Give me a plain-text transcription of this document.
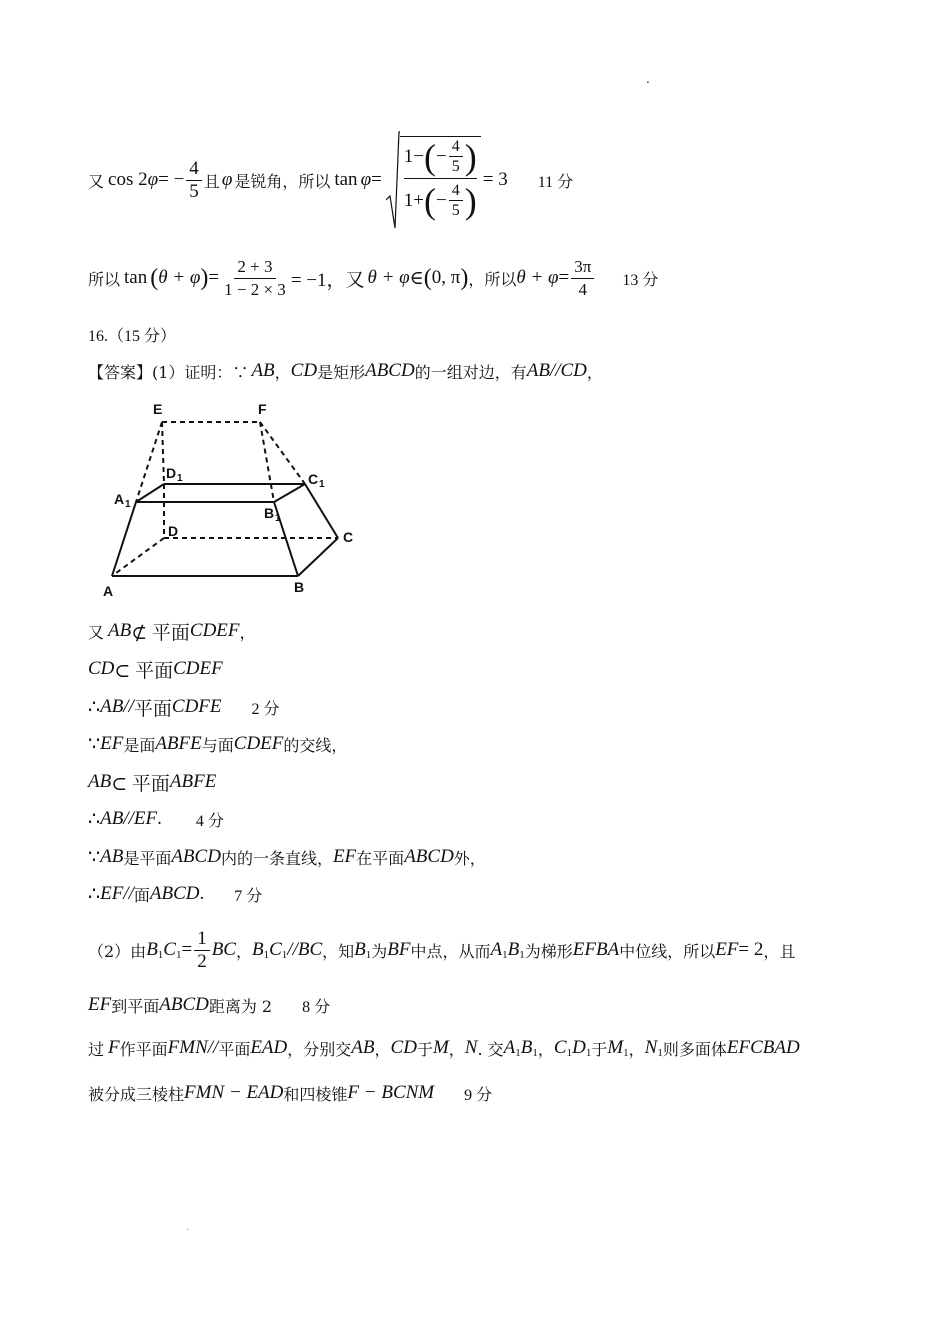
.
又 cos 2 φ = − $\frac{4}{5}$ 且 φ 是锐角，所以 tan φ =
1− ( − $\frac{4}{5}$ )
1+ ( − $\frac{4}{5}$ )
= 3 11 分
所以 tan ( θ + φ ) = $\frac{2 + 3}{1 - 2 \times 3} = -1$，又 θ + φ ∈ ( 0, π ) ，所以 $\theta + \varphi = \frac{3\pi}{4} 13$ 分
16.（15 分）
【答案】(1）证明：∵ AB ， CD 是矩形 ABCD 的一组对边，有 AB//CD ，
E	F
D 1	C 1
A 1
B 1
D	C
A	B
又 AB ⊄ 平面 CDEF ，
CD ⊂ 平面 CDEF
∴ AB// 平面 CDFE 2 分
∵ EF 是面 ABFE 与面 CDEF 的交线，
AB ⊂ 平面 ABFE
∴ AB//EF . 4 分
∵ AB 是平面 ABCD 内的一条直线， EF 在平面 ABCD 外，
∴ EF// 面 ABCD . 7 分
（2）由 B 1 C $1 = \frac{1}{2}$ BC ， B 1 C 1 //BC ，知 B 1 为 BF 中点，从而 A 1 B 1 为梯形 EFBA 中位线，所以 EF = 2 ，且
EF 到平面 ABCD 距离为 2 8 分
过 F 作平面 FMN// 平面 EAD ，分别交 AB ， CD 于 M ， N . 交 A 1 B 1 ， C 1 D 1 于 M 1 ， N 1 则多面体 EFCBAD
被分成三棱柱 FMN − EAD 和四棱锥 F − BCNM 9 分
.
